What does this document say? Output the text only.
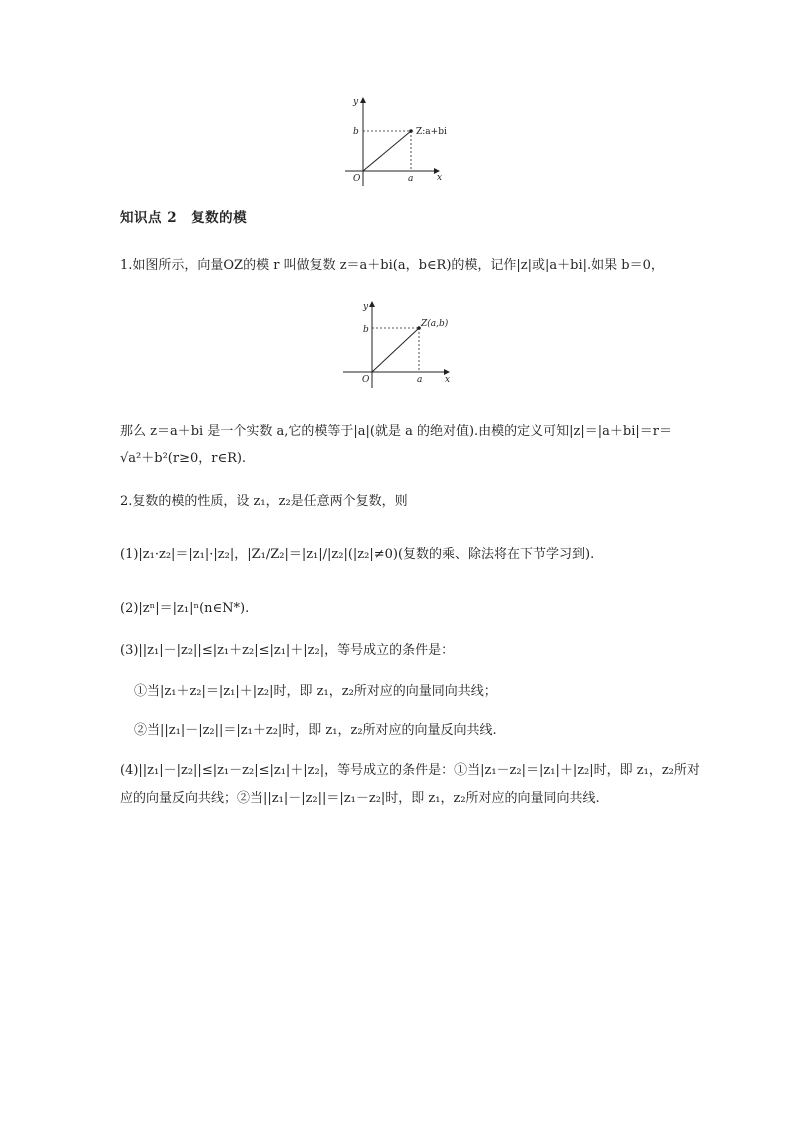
y
x
O
b
a
Z:a+bi
知识点 2　复数的模
1.如图所示，向量OZ的模 r 叫做复数 z＝a＋bi(a，b∈R)的模，记作|z|或|a＋bi|.如果 b＝0，
y
x
O
b
a
Z(a,b)
那么 z＝a＋bi 是一个实数 a,它的模等于|a|(就是 a 的绝对值).由模的定义可知|z|＝|a＋bi|＝r＝
√a²＋b²(r≥0，r∈R).
2.复数的模的性质，设 z₁，z₂是任意两个复数，则
(1)|z₁·z₂|＝|z₁|·|z₂|，|Z₁/Z₂|＝|z₁|/|z₂|(|z₂|≠0)(复数的乘、除法将在下节学习到).
(2)|zⁿ|＝|z₁|ⁿ(n∈N*).
(3)||z₁|－|z₂||≤|z₁＋z₂|≤|z₁|＋|z₂|，等号成立的条件是：
①当|z₁＋z₂|＝|z₁|＋|z₂|时，即 z₁，z₂所对应的向量同向共线；
②当||z₁|－|z₂||＝|z₁＋z₂|时，即 z₁，z₂所对应的向量反向共线.
(4)||z₁|－|z₂||≤|z₁－z₂|≤|z₁|＋|z₂|，等号成立的条件是：①当|z₁－z₂|＝|z₁|＋|z₂|时，即 z₁，z₂所对
应的向量反向共线；②当||z₁|－|z₂||＝|z₁－z₂|时，即 z₁，z₂所对应的向量同向共线.
